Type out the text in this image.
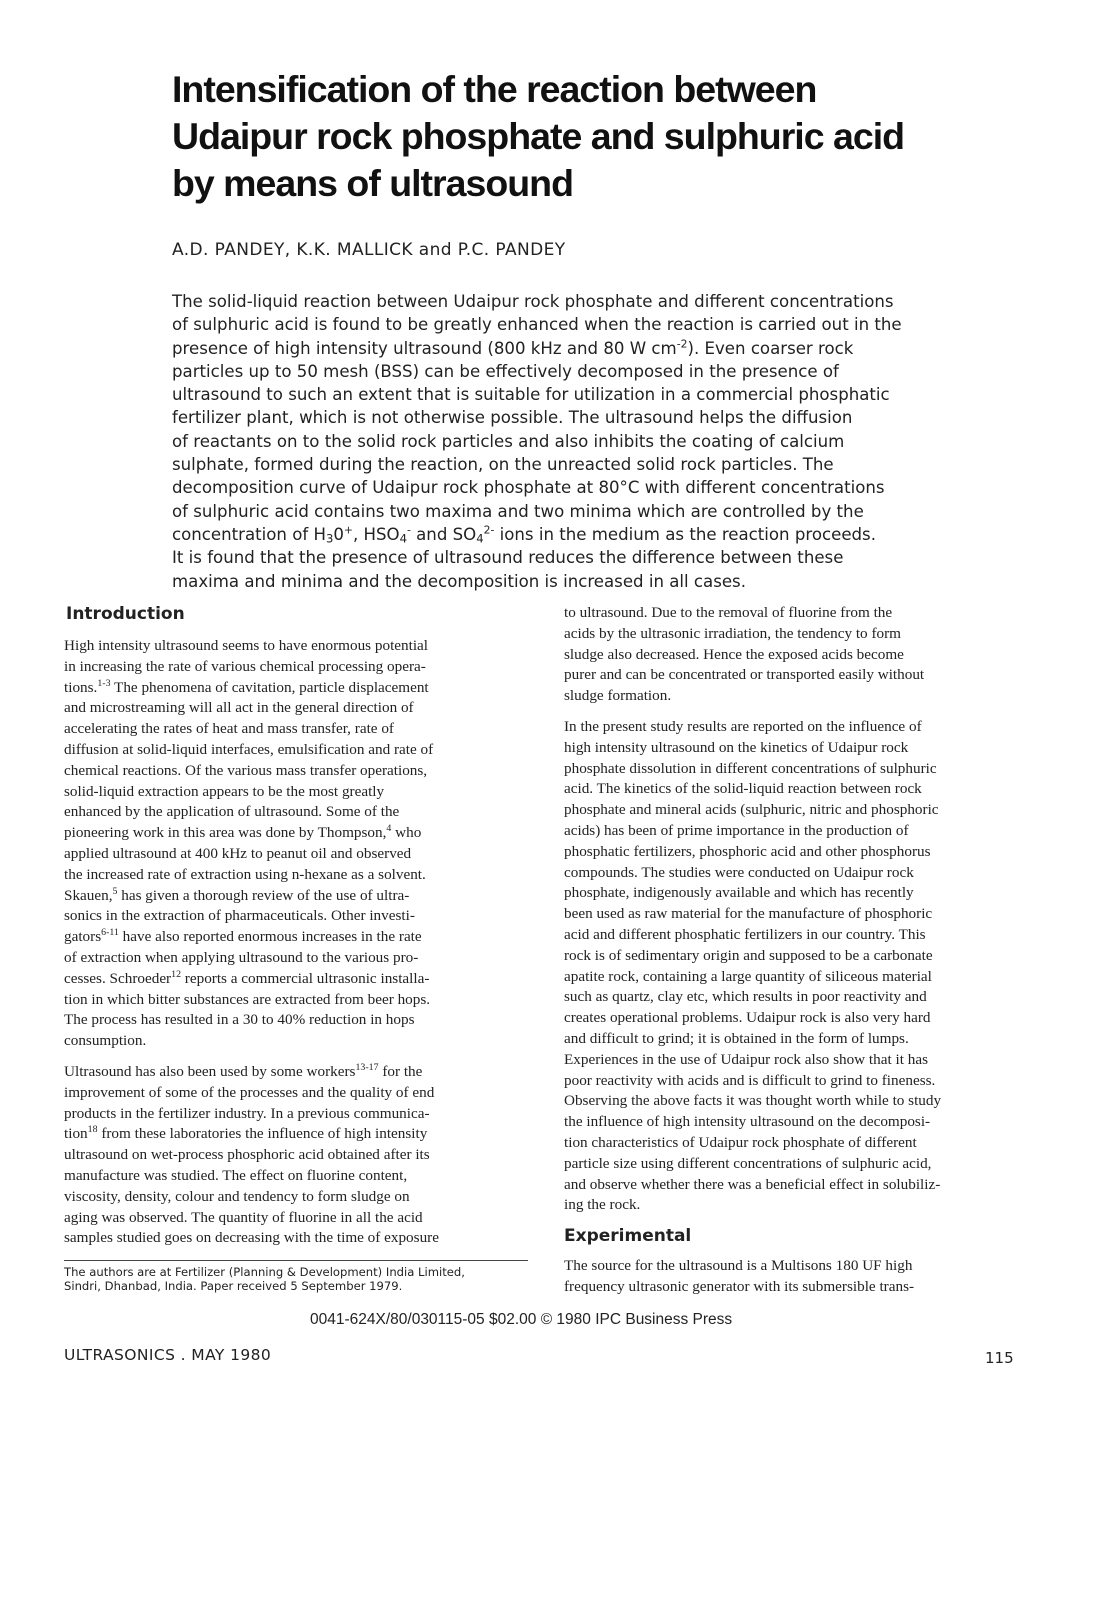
Intensification of the reaction between
Udaipur rock phosphate and sulphuric acid
by means of ultrasound
A.D. PANDEY, K.K. MALLICK and P.C. PANDEY
The solid-liquid reaction between Udaipur rock phosphate and different concentrations
of sulphuric acid is found to be greatly enhanced when the reaction is carried out in the
presence of high intensity ultrasound (800 kHz and 80 W $cm^{-2}$). Even coarser rock
particles up to 50 mesh (BSS) can be effectively decomposed in the presence of
ultrasound to such an extent that is suitable for utilization in a commercial phosphatic
fertilizer plant, which is not otherwise possible. The ultrasound helps the diffusion
of reactants on to the solid rock particles and also inhibits the coating of calcium
sulphate, formed during the reaction, on the unreacted solid rock particles. The
decomposition curve of Udaipur rock phosphate at 80°C with different concentrations
of sulphuric acid contains two maxima and two minima which are controlled by the
concentration of $H_30^+$, $HSO_4^-$ and $SO_4^{2-}$ ions in the medium as the reaction proceeds.
It is found that the presence of ultrasound reduces the difference between these
maxima and minima and the decomposition is increased in all cases.
Introduction
High intensity ultrasound seems to have enormous potential
in increasing the rate of various chemical processing opera-
tions.$^{1-3}$ The phenomena of cavitation, particle displacement
and microstreaming will all act in the general direction of
accelerating the rates of heat and mass transfer, rate of
diffusion at solid-liquid interfaces, emulsification and rate of
chemical reactions. Of the various mass transfer operations,
solid-liquid extraction appears to be the most greatly
enhanced by the application of ultrasound. Some of the
pioneering work in this area was done by Thompson,$^4$ who
applied ultrasound at 400 kHz to peanut oil and observed
the increased rate of extraction using n-hexane as a solvent.
Skauen,$^5$ has given a thorough review of the use of ultra-
sonics in the extraction of pharmaceuticals. Other investi-
gators$^{6-11}$ have also reported enormous increases in the rate
of extraction when applying ultrasound to the various pro-
cesses. Schroeder$^{12}$ reports a commercial ultrasonic installa-
tion in which bitter substances are extracted from beer hops.
The process has resulted in a 30 to 40% reduction in hops
consumption.
Ultrasound has also been used by some workers$^{13-17}$ for the
improvement of some of the processes and the quality of end
products in the fertilizer industry. In a previous communica-
tion$^{18}$ from these laboratories the influence of high intensity
ultrasound on wet-process phosphoric acid obtained after its
manufacture was studied. The effect on fluorine content,
viscosity, density, colour and tendency to form sludge on
aging was observed. The quantity of fluorine in all the acid
samples studied goes on decreasing with the time of exposure
to ultrasound. Due to the removal of fluorine from the
acids by the ultrasonic irradiation, the tendency to form
sludge also decreased. Hence the exposed acids become
purer and can be concentrated or transported easily without
sludge formation.
In the present study results are reported on the influence of
high intensity ultrasound on the kinetics of Udaipur rock
phosphate dissolution in different concentrations of sulphuric
acid. The kinetics of the solid-liquid reaction between rock
phosphate and mineral acids (sulphuric, nitric and phosphoric
acids) has been of prime importance in the production of
phosphatic fertilizers, phosphoric acid and other phosphorus
compounds. The studies were conducted on Udaipur rock
phosphate, indigenously available and which has recently
been used as raw material for the manufacture of phosphoric
acid and different phosphatic fertilizers in our country. This
rock is of sedimentary origin and supposed to be a carbonate
apatite rock, containing a large quantity of siliceous material
such as quartz, clay etc, which results in poor reactivity and
creates operational problems. Udaipur rock is also very hard
and difficult to grind; it is obtained in the form of lumps.
Experiences in the use of Udaipur rock also show that it has
poor reactivity with acids and is difficult to grind to fineness.
Observing the above facts it was thought worth while to study
the influence of high intensity ultrasound on the decomposi-
tion characteristics of Udaipur rock phosphate of different
particle size using different concentrations of sulphuric acid,
and observe whether there was a beneficial effect in solubiliz-
ing the rock.
Experimental
The source for the ultrasound is a Multisons 180 UF high
frequency ultrasonic generator with its submersible trans-
The authors are at Fertilizer (Planning & Development) India Limited,
Sindri, Dhanbad, India. Paper received 5 September 1979.
0041-624X/80/030115-05 $02.00 © 1980 IPC Business Press
ULTRASONICS . MAY 1980	115
